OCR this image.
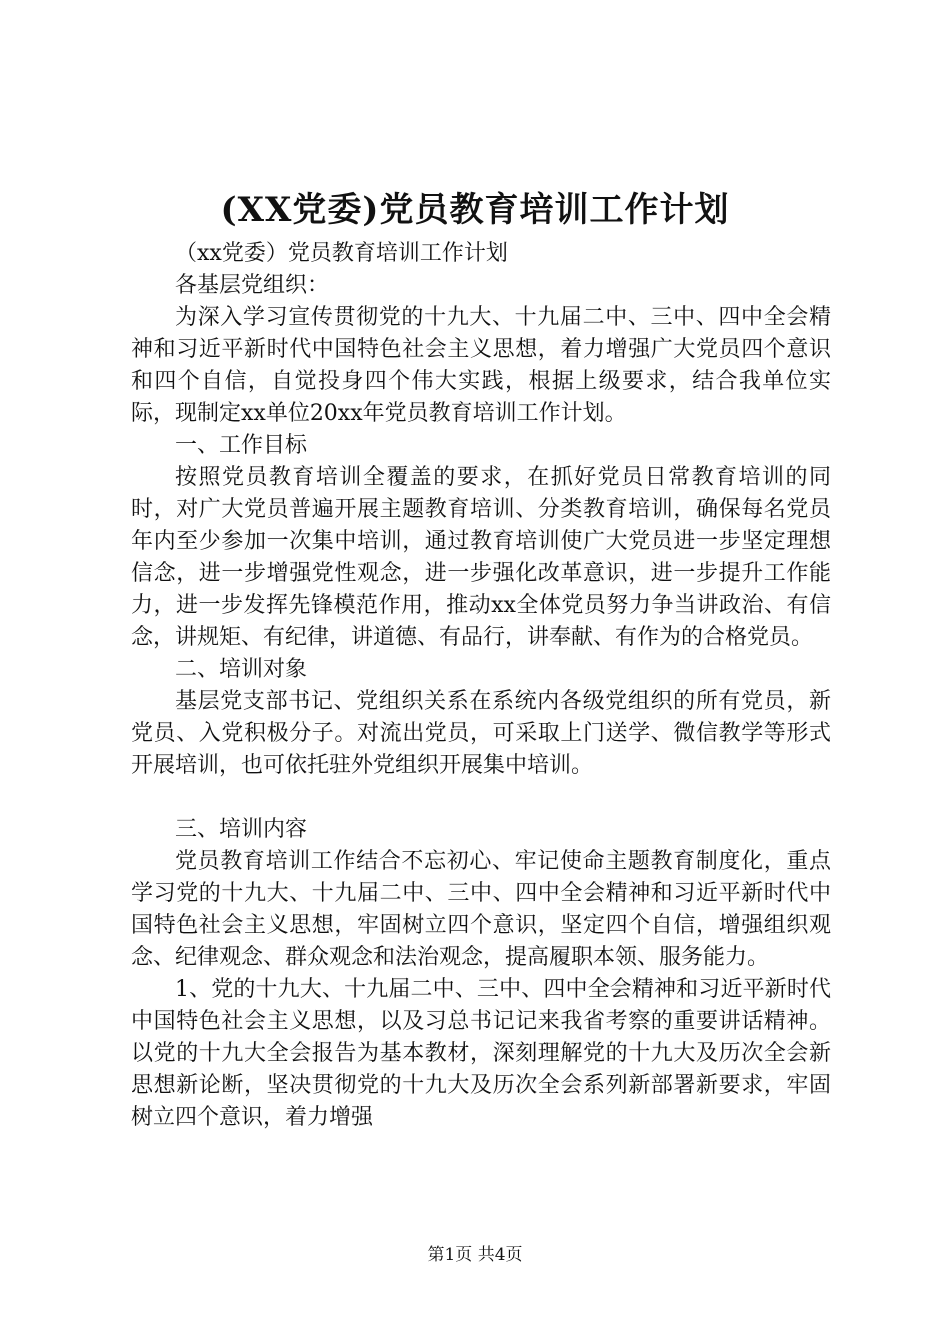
(XX党委)党员教育培训工作计划

（xx党委）党员教育培训工作计划

各基层党组织：

为深入学习宣传贯彻党的十九大、十九届二中、三中、四中全会精神和习近平新时代中国特色社会主义思想，着力增强广大党员四个意识和四个自信，自觉投身四个伟大实践，根据上级要求，结合我单位实际，现制定xx单位20xx年党员教育培训工作计划。

一、工作目标

按照党员教育培训全覆盖的要求，在抓好党员日常教育培训的同时，对广大党员普遍开展主题教育培训、分类教育培训，确保每名党员年内至少参加一次集中培训，通过教育培训使广大党员进一步坚定理想信念，进一步增强党性观念，进一步强化改革意识，进一步提升工作能力，进一步发挥先锋模范作用，推动xx全体党员努力争当讲政治、有信念，讲规矩、有纪律，讲道德、有品行，讲奉献、有作为的合格党员。

二、培训对象

基层党支部书记、党组织关系在系统内各级党组织的所有党员，新党员、入党积极分子。对流出党员，可采取上门送学、微信教学等形式开展培训，也可依托驻外党组织开展集中培训。

三、培训内容

党员教育培训工作结合不忘初心、牢记使命主题教育制度化，重点学习党的十九大、十九届二中、三中、四中全会精神和习近平新时代中国特色社会主义思想，牢固树立四个意识，坚定四个自信，增强组织观念、纪律观念、群众观念和法治观念，提高履职本领、服务能力。

1、党的十九大、十九届二中、三中、四中全会精神和习近平新时代中国特色社会主义思想，以及习总书记记来我省考察的重要讲话精神。以党的十九大全会报告为基本教材，深刻理解党的十九大及历次全会新思想新论断，坚决贯彻党的十九大及历次全会系列新部署新要求，牢固树立四个意识，着力增强

第1页 共4页
